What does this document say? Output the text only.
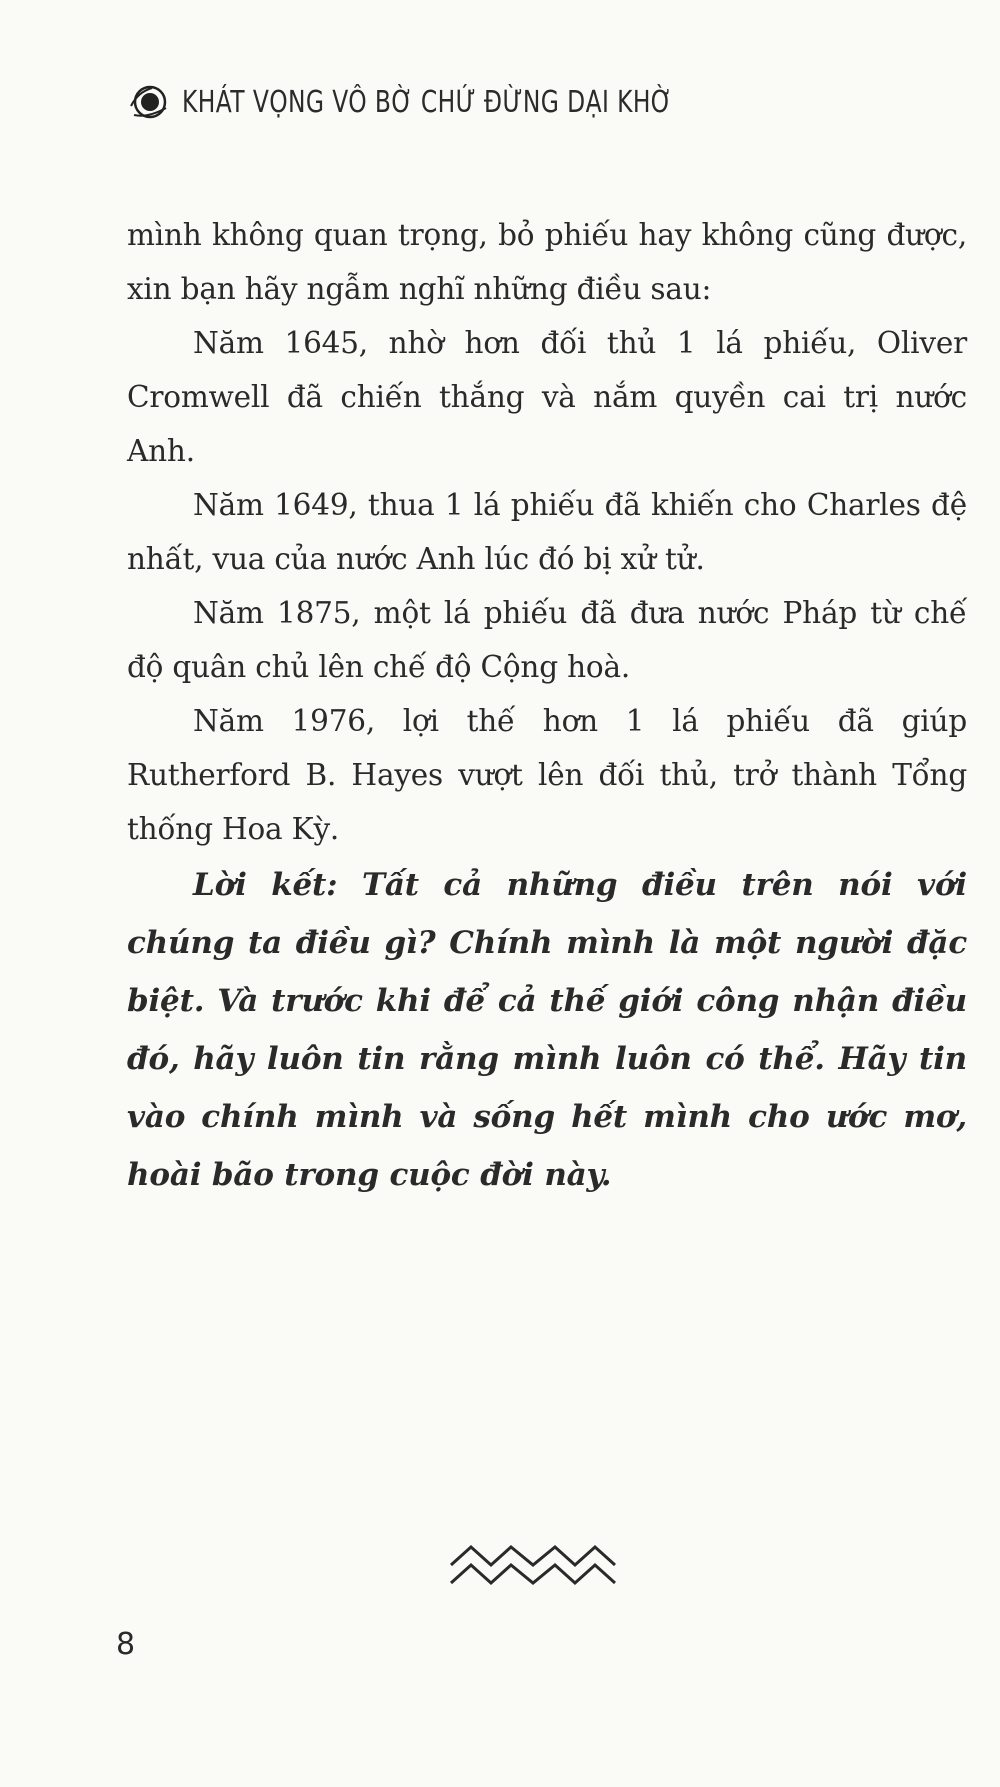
KHÁT VỌNG VÔ BỜ CHỨ ĐỪNG DẠI KHỜ

mình không quan trọng, bỏ phiếu hay không cũng được, xin bạn hãy ngẫm nghĩ những điều sau:

Năm 1645, nhờ hơn đối thủ 1 lá phiếu, Oliver Cromwell đã chiến thắng và nắm quyền cai trị nước Anh.

Năm 1649, thua 1 lá phiếu đã khiến cho Charles đệ nhất, vua của nước Anh lúc đó bị xử tử.

Năm 1875, một lá phiếu đã đưa nước Pháp từ chế độ quân chủ lên chế độ Cộng hoà.

Năm 1976, lợi thế hơn 1 lá phiếu đã giúp Rutherford B. Hayes vượt lên đối thủ, trở thành Tổng thống Hoa Kỳ.

Lời kết: Tất cả những điều trên nói với chúng ta điều gì? Chính mình là một người đặc biệt. Và trước khi để cả thế giới công nhận điều đó, hãy luôn tin rằng mình luôn có thể. Hãy tin vào chính mình và sống hết mình cho ước mơ, hoài bão trong cuộc đời này.

8
